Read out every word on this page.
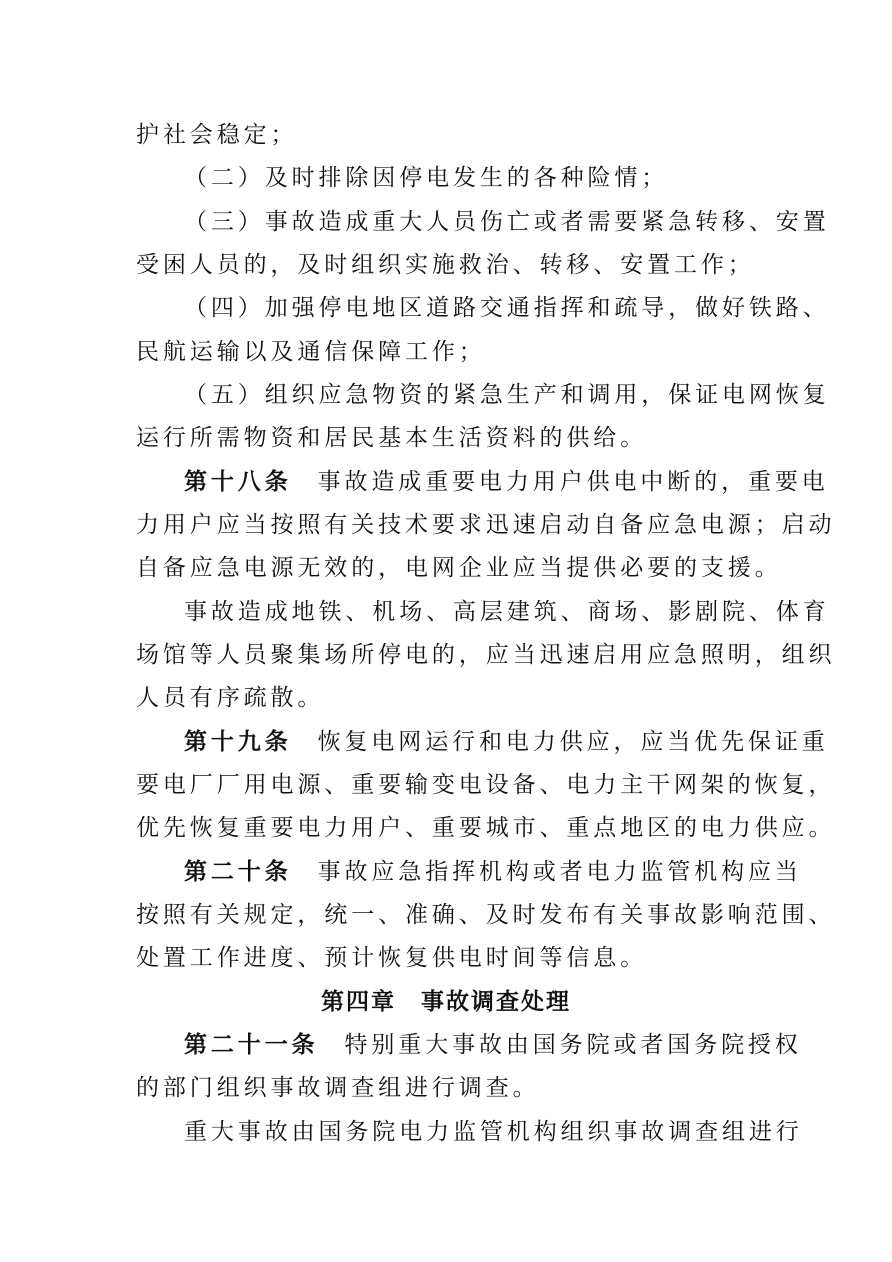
护社会稳定；
（二）及时排除因停电发生的各种险情；
（三）事故造成重大人员伤亡或者需要紧急转移、安置
受困人员的，及时组织实施救治、转移、安置工作；
（四）加强停电地区道路交通指挥和疏导，做好铁路、
民航运输以及通信保障工作；
（五）组织应急物资的紧急生产和调用，保证电网恢复
运行所需物资和居民基本生活资料的供给。
第十八条 事故造成重要电力用户供电中断的，重要电
力用户应当按照有关技术要求迅速启动自备应急电源；启动
自备应急电源无效的，电网企业应当提供必要的支援。
事故造成地铁、机场、高层建筑、商场、影剧院、体育
场馆等人员聚集场所停电的，应当迅速启用应急照明，组织
人员有序疏散。
第十九条 恢复电网运行和电力供应，应当优先保证重
要电厂厂用电源、重要输变电设备、电力主干网架的恢复，
优先恢复重要电力用户、重要城市、重点地区的电力供应。
第二十条 事故应急指挥机构或者电力监管机构应当
按照有关规定，统一、准确、及时发布有关事故影响范围、
处置工作进度、预计恢复供电时间等信息。
第四章　事故调查处理
第二十一条 特别重大事故由国务院或者国务院授权
的部门组织事故调查组进行调查。
重大事故由国务院电力监管机构组织事故调查组进行
